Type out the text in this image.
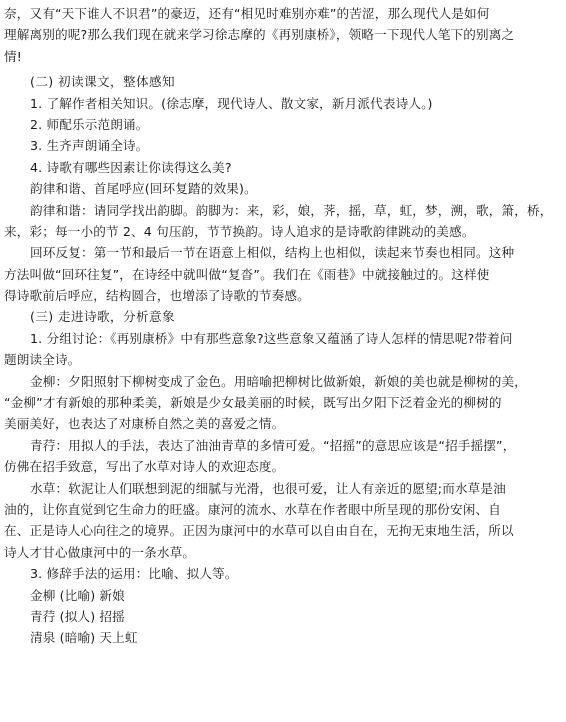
奈，又有“天下谁人不识君”的豪迈，还有“相见时难别亦难”的苦涩，那么现代人是如何
理解离别的呢?那么我们现在就来学习徐志摩的《再别康桥》，领略一下现代人笔下的别离之
情!
(二) 初读课文，整体感知
1. 了解作者相关知识。(徐志摩，现代诗人、散文家，新月派代表诗人。)
2. 师配乐示范朗诵。
3. 生齐声朗诵全诗。
4. 诗歌有哪些因素让你读得这么美?
韵律和谐、首尾呼应(回环复踏的效果)。
韵律和谐：请同学找出韵脚。韵脚为：来，彩，娘，荠，摇，草，虹，梦，溯，歌，箫，桥，
来，彩；每一小的节 2、4 句压韵，节节换韵。诗人追求的是诗歌韵律跳动的美感。
回环反复：第一节和最后一节在语意上相似，结构上也相似，读起来节奏也相同。这种
方法叫做“回环往复”，在诗经中就叫做“复沓”。我们在《雨巷》中就接触过的。这样使
得诗歌前后呼应，结构圆合，也增添了诗歌的节奏感。
(三) 走进诗歌，分析意象
1. 分组讨论：《再别康桥》中有那些意象?这些意象又蕴涵了诗人怎样的情思呢?带着问
题朗读全诗。
金柳：夕阳照射下柳树变成了金色。用暗喻把柳树比做新娘，新娘的美也就是柳树的美，
“金柳”才有新娘的那种柔美，新娘是少女最美丽的时候，既写出夕阳下泛着金光的柳树的
美丽美好，也表达了对康桥自然之美的喜爱之情。
青荇：用拟人的手法，表达了油油青草的多情可爱。“招摇”的意思应该是“招手摇摆”，
仿佛在招手致意，写出了水草对诗人的欢迎态度。
水草：软泥让人们联想到泥的细腻与光滑，也很可爱，让人有亲近的愿望;而水草是油
油的，让你直觉到它生命力的旺盛。康河的流水、水草在作者眼中所呈现的那份安闲、自
在、正是诗人心向往之的境界。正因为康河中的水草可以自由自在，无拘无束地生活，所以
诗人才甘心做康河中的一条水草。
3. 修辞手法的运用：比喻、拟人等。
金柳 (比喻) 新娘
青荇 (拟人) 招摇
清泉 (暗喻) 天上虹
